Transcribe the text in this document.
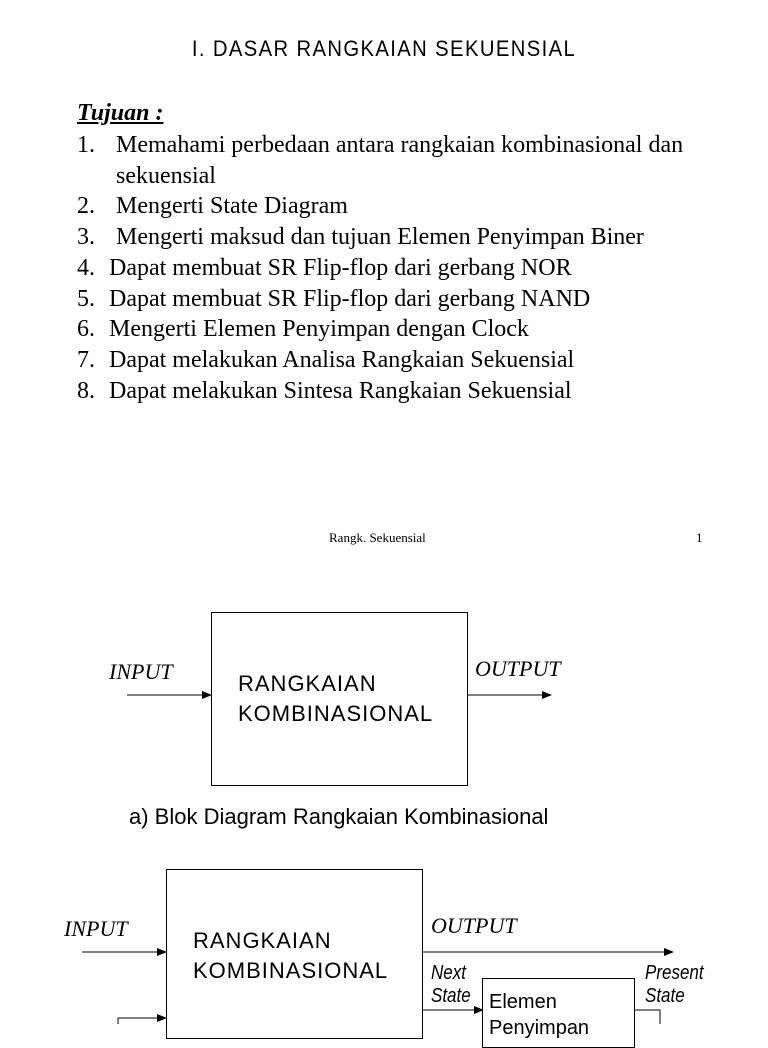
I. DASAR RANGKAIAN SEKUENSIAL
Tujuan :
1. Memahami perbedaan antara rangkaian kombinasional dan sekuensial
2. Mengerti State Diagram
3. Mengerti maksud dan tujuan Elemen Penyimpan Biner
4. Dapat membuat SR Flip-flop dari gerbang NOR
5. Dapat membuat SR Flip-flop dari gerbang NAND
6. Mengerti Elemen Penyimpan dengan Clock
7. Dapat melakukan Analisa Rangkaian Sekuensial
8. Dapat melakukan Sintesa Rangkaian Sekuensial
Rangk. Sekuensial	1
RANGKAIAN
KOMBINASIONAL
INPUT	OUTPUT
a) Blok Diagram Rangkaian Kombinasional
RANGKAIAN
KOMBINASIONAL
INPUT	OUTPUT
Next
State
Present
State
Elemen
Penyimpan
